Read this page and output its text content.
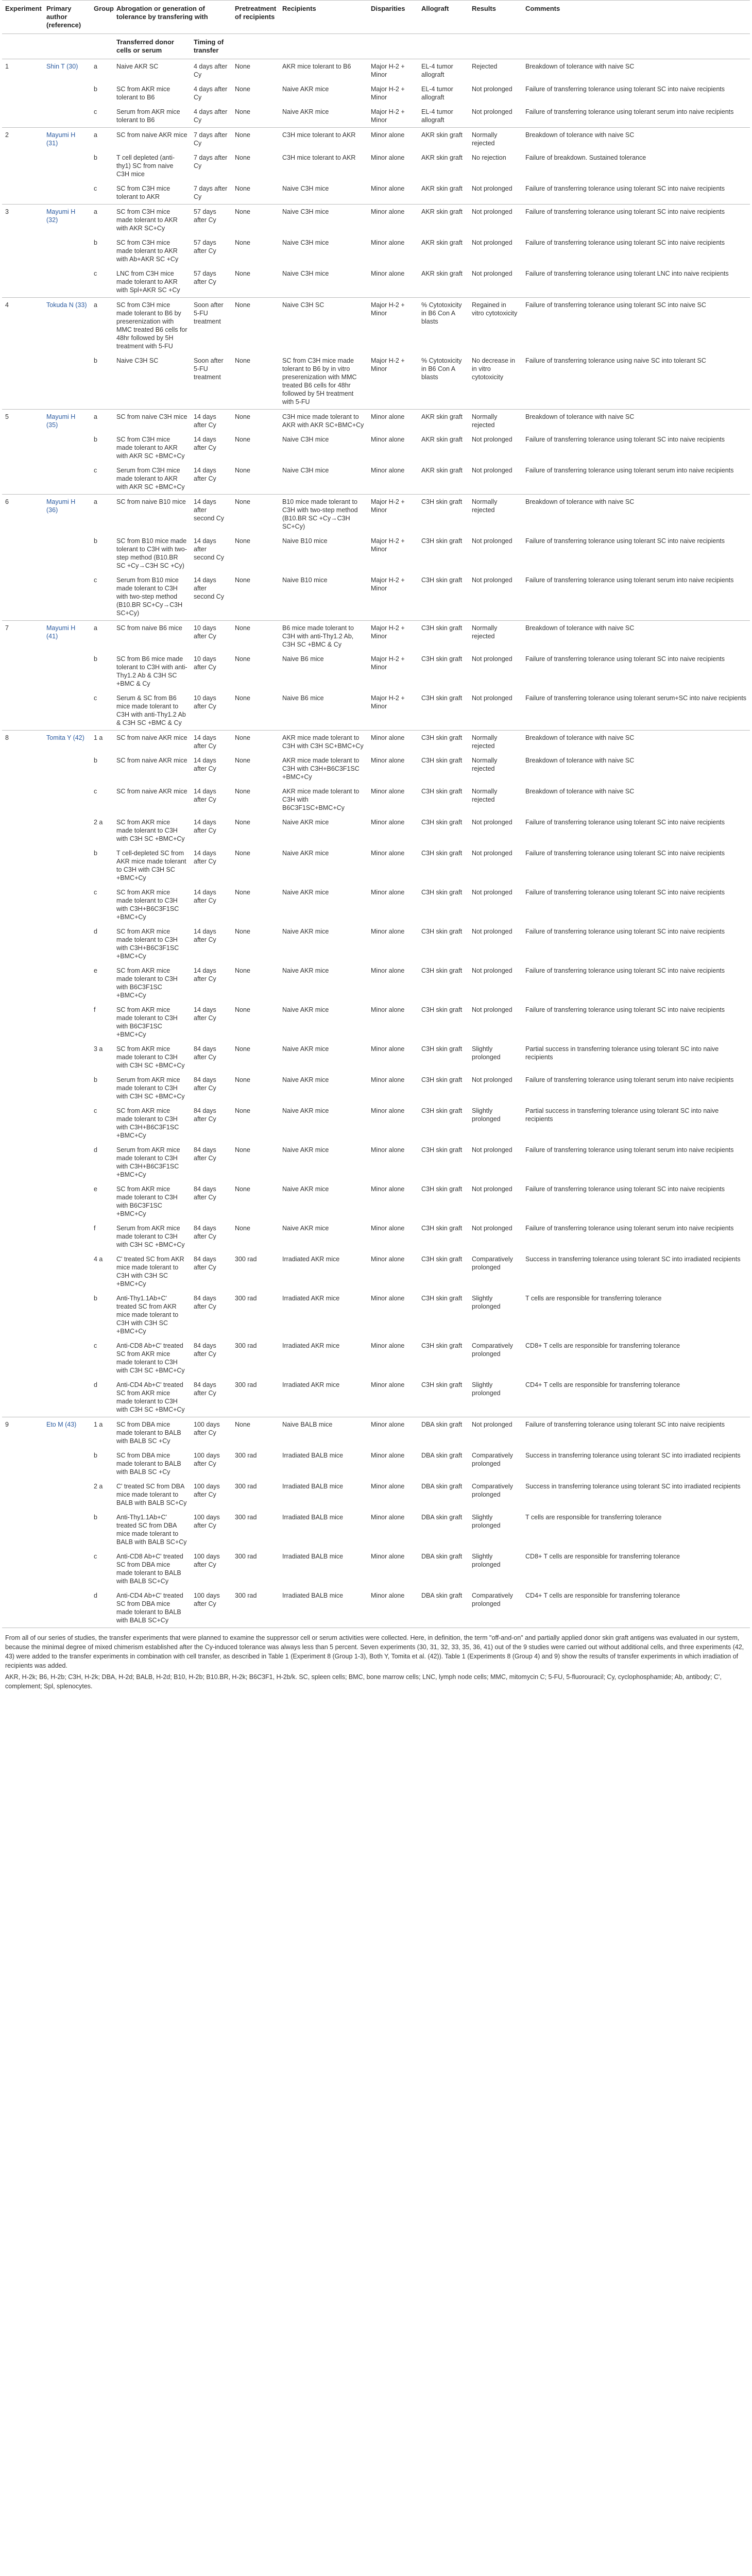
Experiment	Primary author (reference)	Group		Abrogation or generation of tolerance by transfering with		Pretreatment of recipients	Recipients	Disparities	Allograft	Results	Comments
				Transferred donor cells or serum	Timing of transfer						
1	Shin T (30)	a		Naive AKR SC	4 days after Cy	None	AKR mice tolerant to B6	Major H-2 + Minor	EL-4 tumor allograft	Rejected	Breakdown of tolerance with naive SC
		b		SC from AKR mice tolerant to B6	4 days after Cy	None	Naive AKR mice	Major H-2 + Minor	EL-4 tumor allograft	Not prolonged	Failure of transferring tolerance using tolerant SC into naive recipients
		c		Serum from AKR mice tolerant to B6	4 days after Cy	None	Naive AKR mice	Major H-2 + Minor	EL-4 tumor allograft	Not prolonged	Failure of transferring tolerance using tolerant serum into naive recipients
2	Mayumi H (31)	a		SC from naive AKR mice	7 days after Cy	None	C3H mice tolerant to AKR	Minor alone	AKR skin graft	Normally rejected	Breakdown of tolerance with naive SC
		b		T cell depleted (anti-thy1) SC from naive C3H mice	7 days after Cy	None	C3H mice tolerant to AKR	Minor alone	AKR skin graft	No rejection	Failure of breakdown. Sustained tolerance
		c		SC from C3H mice tolerant to AKR	7 days after Cy	None	Naive C3H mice	Minor alone	AKR skin graft	Not prolonged	Failure of transferring tolerance using tolerant SC into naive recipients
3	Mayumi H (32)	a		SC from C3H mice made tolerant to AKR with AKR SC+Cy	57 days after Cy	None	Naive C3H mice	Minor alone	AKR skin graft	Not prolonged	Failure of transferring tolerance using tolerant SC into naive recipients
		b		SC from C3H mice made tolerant to AKR with Ab+AKR SC +Cy	57 days after Cy	None	Naive C3H mice	Minor alone	AKR skin graft	Not prolonged	Failure of transferring tolerance using tolerant SC into naive recipients
		c		LNC from C3H mice made tolerant to AKR with Spl+AKR SC +Cy	57 days after Cy	None	Naive C3H mice	Minor alone	AKR skin graft	Not prolonged	Failure of transferring tolerance using tolerant LNC into naive recipients
4	Tokuda N (33)	a		SC from C3H mice made tolerant to B6 by preserenization with MMC treated B6 cells for 48hr followed by 5H treatment with 5-FU	Soon after 5-FU treatment	None	Naive C3H SC	Major H-2 + Minor	% Cytotoxicity in B6 Con A blasts	Regained in vitro cytotoxicity	Failure of transferring tolerance using tolerant SC into naive SC
		b		Naive C3H SC	Soon after 5-FU treatment	None	SC from C3H mice made tolerant to B6 by in vitro preserenization with MMC treated B6 cells for 48hr followed by 5H treatment with 5-FU	Major H-2 + Minor	% Cytotoxicity in B6 Con A blasts	No decrease in in vitro cytotoxicity	Failure of transferring tolerance using naive SC into tolerant SC
5	Mayumi H (35)	a		SC from naive C3H mice	14 days after Cy	None	C3H mice made tolerant to AKR with AKR SC+BMC+Cy	Minor alone	AKR skin graft	Normally rejected	Breakdown of tolerance with naive SC
		b		SC from C3H mice made tolerant to AKR with AKR SC +BMC+Cy	14 days after Cy	None	Naive C3H mice	Minor alone	AKR skin graft	Not prolonged	Failure of transferring tolerance using tolerant SC into naive recipients
		c		Serum from C3H mice made tolerant to AKR with AKR SC +BMC+Cy	14 days after Cy	None	Naive C3H mice	Minor alone	AKR skin graft	Not prolonged	Failure of transferring tolerance using tolerant serum into naive recipients
6	Mayumi H (36)	a		SC from naive B10 mice	14 days after second Cy	None	B10 mice made tolerant to C3H with two-step method (B10.BR SC +Cy→C3H SC+Cy)	Major H-2 + Minor	C3H skin graft	Normally rejected	Breakdown of tolerance with naive SC
		b		SC from B10 mice made tolerant to C3H with two-step method (B10.BR SC +Cy→C3H SC +Cy)	14 days after second Cy	None	Naive B10 mice	Major H-2 + Minor	C3H skin graft	Not prolonged	Failure of transferring tolerance using tolerant SC into naive recipients
		c		Serum from B10 mice made tolerant to C3H with two-step method (B10.BR SC+Cy→C3H SC+Cy)	14 days after second Cy	None	Naive B10 mice	Major H-2 + Minor	C3H skin graft	Not prolonged	Failure of transferring tolerance using tolerant serum into naive recipients
7	Mayumi H (41)	a		SC from naive B6 mice	10 days after Cy	None	B6 mice made tolerant to C3H with anti-Thy1.2 Ab, C3H SC +BMC & Cy	Major H-2 + Minor	C3H skin graft	Normally rejected	Breakdown of tolerance with naive SC
		b		SC from B6 mice made tolerant to C3H with anti-Thy1.2 Ab & C3H SC +BMC & Cy	10 days after Cy	None	Naive B6 mice	Major H-2 + Minor	C3H skin graft	Not prolonged	Failure of transferring tolerance using tolerant SC into naive recipients
		c		Serum & SC from B6 mice made tolerant to C3H with anti-Thy1.2 Ab & C3H SC +BMC & Cy	10 days after Cy	None	Naive B6 mice	Major H-2 + Minor	C3H skin graft	Not prolonged	Failure of transferring tolerance using tolerant serum+SC into naive recipients
8	Tomita Y (42)	1 a		SC from naive AKR mice	14 days after Cy	None	AKR mice made tolerant to C3H with C3H SC+BMC+Cy	Minor alone	C3H skin graft	Normally rejected	Breakdown of tolerance with naive SC
		b		SC from naive AKR mice	14 days after Cy	None	AKR mice made tolerant to C3H with C3H+B6C3F1SC +BMC+Cy	Minor alone	C3H skin graft	Normally rejected	Breakdown of tolerance with naive SC
		c		SC from naive AKR mice	14 days after Cy	None	AKR mice made tolerant to C3H with B6C3F1SC+BMC+Cy	Minor alone	C3H skin graft	Normally rejected	Breakdown of tolerance with naive SC
		2 a		SC from AKR mice made tolerant to C3H with C3H SC +BMC+Cy	14 days after Cy	None	Naive AKR mice	Minor alone	C3H skin graft	Not prolonged	Failure of transferring tolerance using tolerant SC into naive recipients
		b		T cell-depleted SC from AKR mice made tolerant to C3H with C3H SC +BMC+Cy	14 days after Cy	None	Naive AKR mice	Minor alone	C3H skin graft	Not prolonged	Failure of transferring tolerance using tolerant SC into naive recipients
		c		SC from AKR mice made tolerant to C3H with C3H+B6C3F1SC +BMC+Cy	14 days after Cy	None	Naive AKR mice	Minor alone	C3H skin graft	Not prolonged	Failure of transferring tolerance using tolerant SC into naive recipients
		d		SC from AKR mice made tolerant to C3H with C3H+B6C3F1SC +BMC+Cy	14 days after Cy	None	Naive AKR mice	Minor alone	C3H skin graft	Not prolonged	Failure of transferring tolerance using tolerant SC into naive recipients
		e		SC from AKR mice made tolerant to C3H with B6C3F1SC +BMC+Cy	14 days after Cy	None	Naive AKR mice	Minor alone	C3H skin graft	Not prolonged	Failure of transferring tolerance using tolerant SC into naive recipients
		f		SC from AKR mice made tolerant to C3H with B6C3F1SC +BMC+Cy	14 days after Cy	None	Naive AKR mice	Minor alone	C3H skin graft	Not prolonged	Failure of transferring tolerance using tolerant SC into naive recipients
		3 a		SC from AKR mice made tolerant to C3H with C3H SC +BMC+Cy	84 days after Cy	None	Naive AKR mice	Minor alone	C3H skin graft	Slightly prolonged	Partial success in transferring tolerance using tolerant SC into naive recipients
		b		Serum from AKR mice made tolerant to C3H with C3H SC +BMC+Cy	84 days after Cy	None	Naive AKR mice	Minor alone	C3H skin graft	Not prolonged	Failure of transferring tolerance using tolerant serum into naive recipients
		c		SC from AKR mice made tolerant to C3H with C3H+B6C3F1SC +BMC+Cy	84 days after Cy	None	Naive AKR mice	Minor alone	C3H skin graft	Slightly prolonged	Partial success in transferring tolerance using tolerant SC into naive recipients
		d		Serum from AKR mice made tolerant to C3H with C3H+B6C3F1SC +BMC+Cy	84 days after Cy	None	Naive AKR mice	Minor alone	C3H skin graft	Not prolonged	Failure of transferring tolerance using tolerant serum into naive recipients
		e		SC from AKR mice made tolerant to C3H with B6C3F1SC +BMC+Cy	84 days after Cy	None	Naive AKR mice	Minor alone	C3H skin graft	Not prolonged	Failure of transferring tolerance using tolerant SC into naive recipients
		f		Serum from AKR mice made tolerant to C3H with C3H SC +BMC+Cy	84 days after Cy	None	Naive AKR mice	Minor alone	C3H skin graft	Not prolonged	Failure of transferring tolerance using tolerant serum into naive recipients
		4 a		C' treated SC from AKR mice made tolerant to C3H with C3H SC +BMC+Cy	84 days after Cy	300 rad	Irradiated AKR mice	Minor alone	C3H skin graft	Comparatively prolonged	Success in transferring tolerance using tolerant SC into irradiated recipients
		b		Anti-Thy1.1Ab+C' treated SC from AKR mice made tolerant to C3H with C3H SC +BMC+Cy	84 days after Cy	300 rad	Irradiated AKR mice	Minor alone	C3H skin graft	Slightly prolonged	T cells are responsible for transferring tolerance
		c		Anti-CD8 Ab+C' treated SC from AKR mice made tolerant to C3H with C3H SC +BMC+Cy	84 days after Cy	300 rad	Irradiated AKR mice	Minor alone	C3H skin graft	Comparatively prolonged	CD8+ T cells are responsible for transferring tolerance
		d		Anti-CD4 Ab+C' treated SC from AKR mice made tolerant to C3H with C3H SC +BMC+Cy	84 days after Cy	300 rad	Irradiated AKR mice	Minor alone	C3H skin graft	Slightly prolonged	CD4+ T cells are responsible for transferring tolerance
9	Eto M (43)	1 a		SC from DBA mice made tolerant to BALB with BALB SC +Cy	100 days after Cy	None	Naive BALB mice	Minor alone	DBA skin graft	Not prolonged	Failure of transferring tolerance using tolerant SC into naive recipients
		b		SC from DBA mice made tolerant to BALB with BALB SC +Cy	100 days after Cy	300 rad	Irradiated BALB mice	Minor alone	DBA skin graft	Comparatively prolonged	Success in transferring tolerance using tolerant SC into irradiated recipients
		2 a		C' treated SC from DBA mice made tolerant to BALB with BALB SC+Cy	100 days after Cy	300 rad	Irradiated BALB mice	Minor alone	DBA skin graft	Comparatively prolonged	Success in transferring tolerance using tolerant SC into irradiated recipients
		b		Anti-Thy1.1Ab+C' treated SC from DBA mice made tolerant to BALB with BALB SC+Cy	100 days after Cy	300 rad	Irradiated BALB mice	Minor alone	DBA skin graft	Slightly prolonged	T cells are responsible for transferring tolerance
		c		Anti-CD8 Ab+C' treated SC from DBA mice made tolerant to BALB with BALB SC+Cy	100 days after Cy	300 rad	Irradiated BALB mice	Minor alone	DBA skin graft	Slightly prolonged	CD8+ T cells are responsible for transferring tolerance
		d		Anti-CD4 Ab+C' treated SC from DBA mice made tolerant to BALB with BALB SC+Cy	100 days after Cy	300 rad	Irradiated BALB mice	Minor alone	DBA skin graft	Comparatively prolonged	CD4+ T cells are responsible for transferring tolerance

From all of our series of studies, the transfer experiments that were planned to examine the suppressor cell or serum activities were collected. Here, in definition, the term "off-and-on" and partially applied donor skin graft antigens was evaluated in our system, because the minimal degree of mixed chimerism established after the Cy-induced tolerance was always less than 5 percent. Seven experiments (30, 31, 32, 33, 35, 36, 41) out of the 9 studies were carried out without additional cells, and three experiments (42, 43) were added to the transfer experiments in combination with cell transfer, as described in Table 1 (Experiment 8 (Group 1-3), Both Y, Tomita et al. (42)). Table 1 (Experiments 8 (Group 4) and 9) show the results of transfer experiments in which irradiation of recipients was added.

AKR, H-2k; B6, H-2b; C3H, H-2k; DBA, H-2d; BALB, H-2d; B10, H-2b; B10.BR, H-2k; B6C3F1, H-2b/k. SC, spleen cells; BMC, bone marrow cells; LNC, lymph node cells; MMC, mitomycin C; 5-FU, 5-fluorouracil; Cy, cyclophosphamide; Ab, antibody; C', complement; Spl, splenocytes.
